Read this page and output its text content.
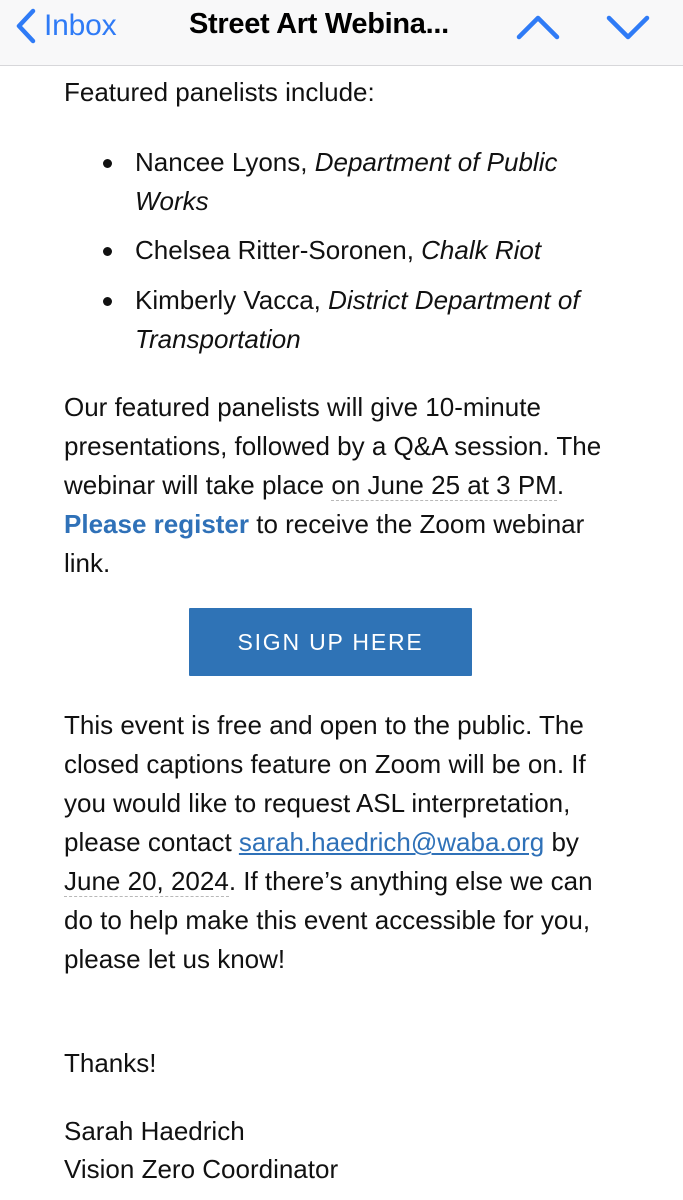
Inbox	Street Art Webina...
Featured panelists include:
Nancee Lyons, Department of Public Works
Chelsea Ritter-Soronen, Chalk Riot
Kimberly Vacca, District Department of Transportation
Our featured panelists will give 10-minute presentations, followed by a Q&A session. The webinar will take place on June 25 at 3 PM. Please register to receive the Zoom webinar link.
SIGN UP HERE
This event is free and open to the public. The closed captions feature on Zoom will be on. If you would like to request ASL interpretation, please contact sarah.haedrich@waba.org by June 20, 2024. If there’s anything else we can do to help make this event accessible for you, please let us know!
Thanks!
Sarah Haedrich
Vision Zero Coordinator
